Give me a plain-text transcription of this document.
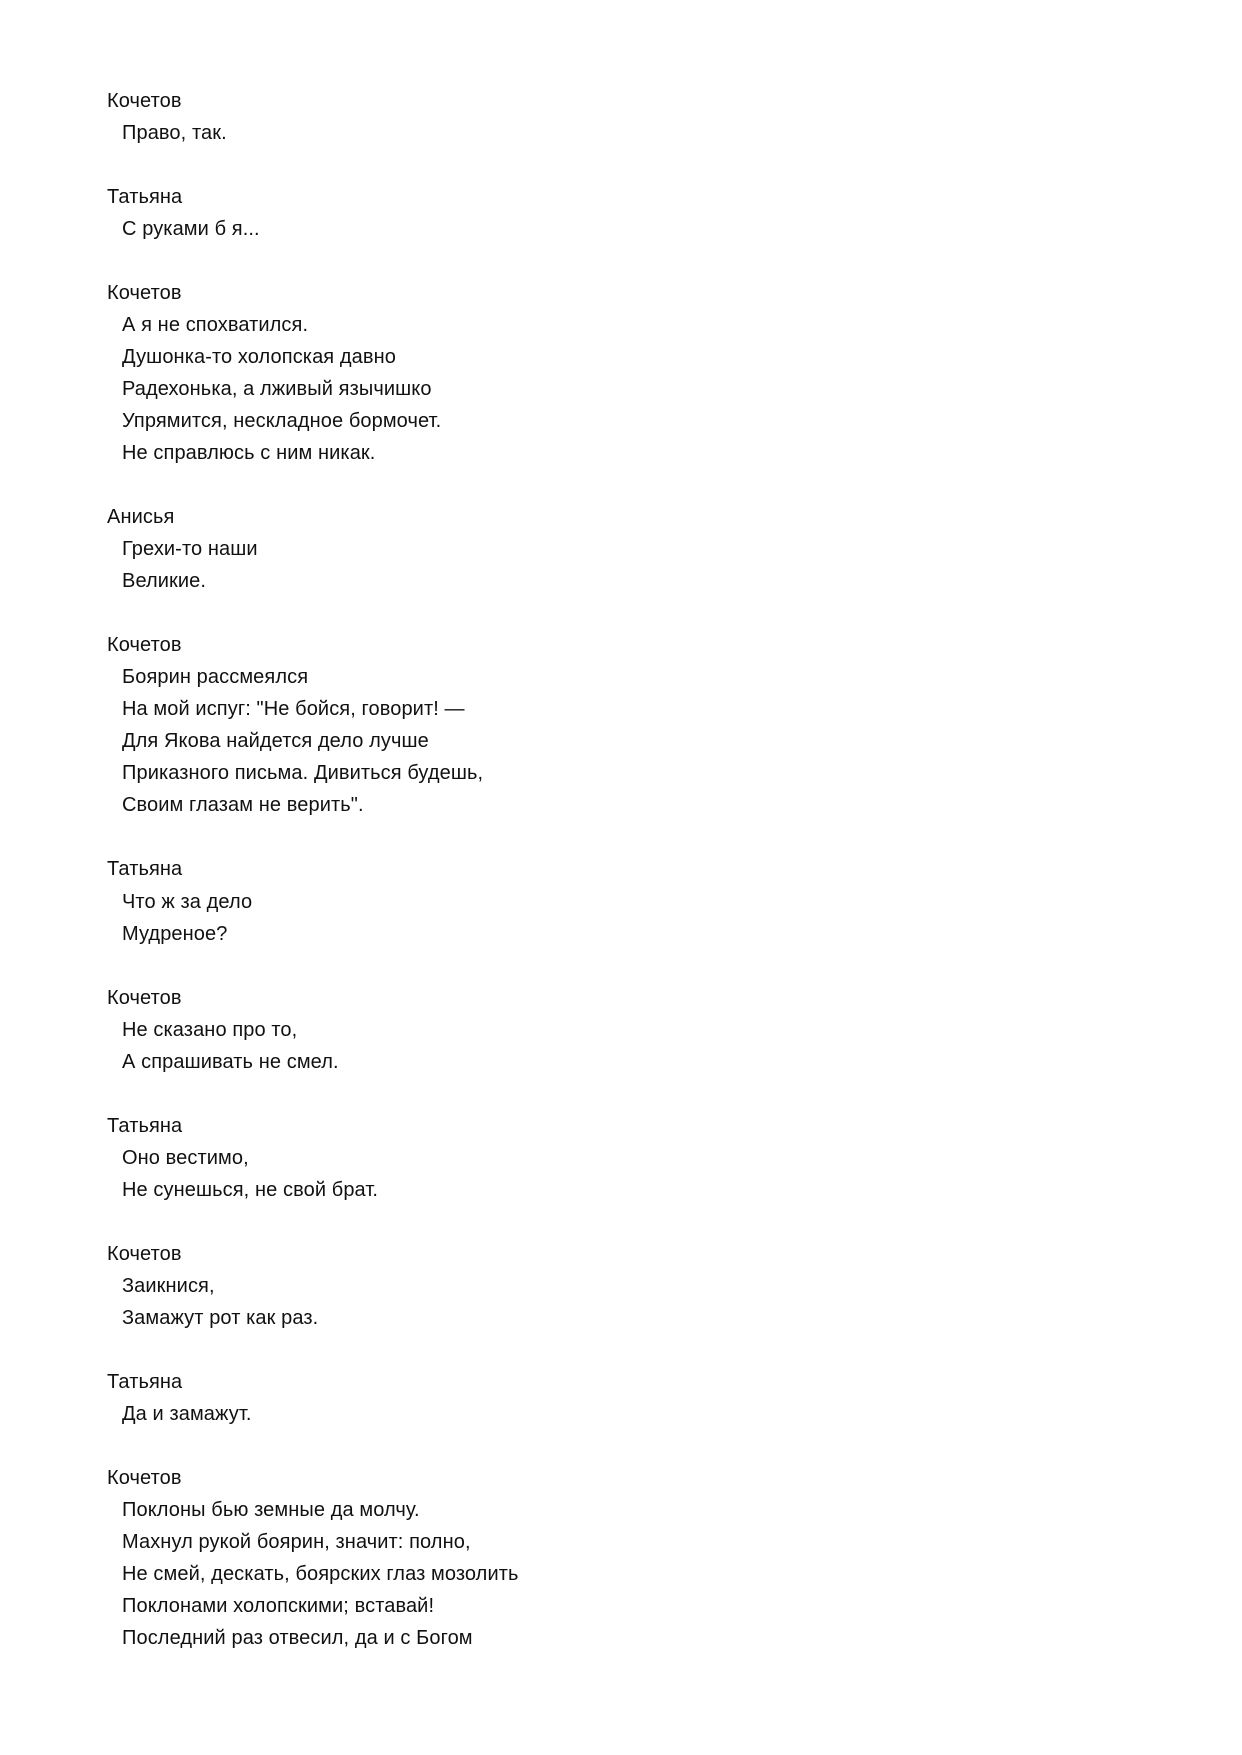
Кочетов
Право, так.
Татьяна
С руками б я...
Кочетов
А я не спохватился.
Душонка-то холопская давно
Радехонька, а лживый язычишко
Упрямится, нескладное бормочет.
Не справлюсь с ним никак.
Анисья
Грехи-то наши
Великие.
Кочетов
Боярин рассмеялся
На мой испуг: "Не бойся, говорит! —
Для Якова найдется дело лучше
Приказного письма. Дивиться будешь,
Своим глазам не верить".
Татьяна
Что ж за дело
Мудреное?
Кочетов
Не сказано про то,
А спрашивать не смел.
Татьяна
Оно вестимо,
Не сунешься, не свой брат.
Кочетов
Заикнися,
Замажут рот как раз.
Татьяна
Да и замажут.
Кочетов
Поклоны бью земные да молчу.
Махнул рукой боярин, значит: полно,
Не смей, дескать, боярских глаз мозолить
Поклонами холопскими; вставай!
Последний раз отвесил, да и с Богом
